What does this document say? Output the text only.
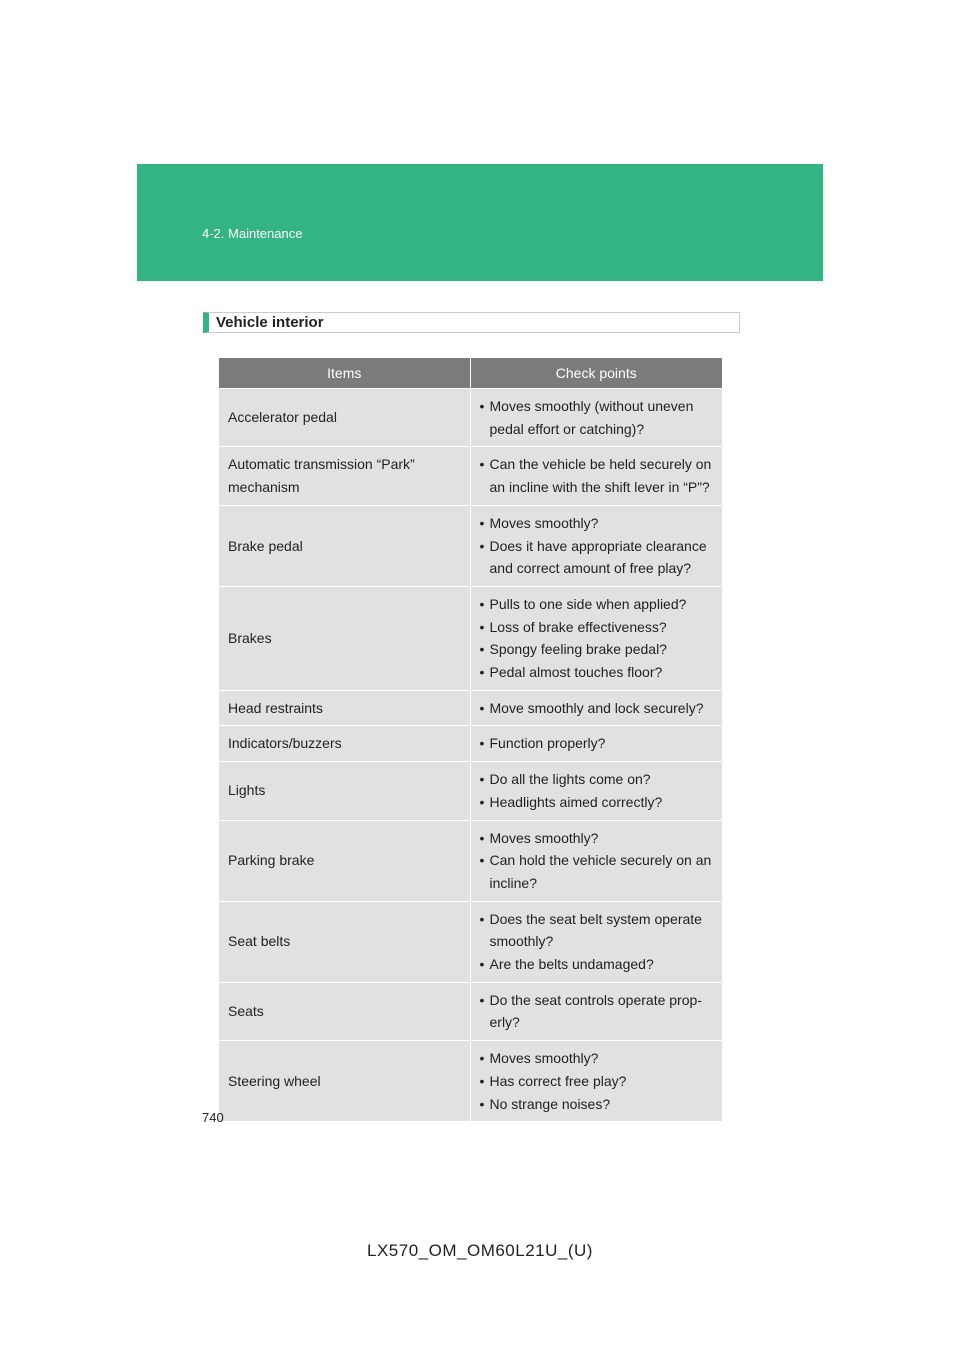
4-2. Maintenance
Vehicle interior
Items	Check points
Accelerator pedal	• Moves smoothly (without uneven pedal effort or catching)?

Automatic transmission “Park” mechanism	• Can the vehicle be held securely on an incline with the shift lever in “P”?

Brake pedal	• Moves smoothly?
• Does it have appropriate clearance and correct amount of free play?

Brakes	• Pulls to one side when applied?
• Loss of brake effectiveness?
• Spongy feeling brake pedal?
• Pedal almost touches floor?

Head restraints	• Move smoothly and lock securely?

Indicators/buzzers	• Function properly?

Lights	• Do all the lights come on?
• Headlights aimed correctly?

Parking brake	• Moves smoothly?
• Can hold the vehicle securely on an incline?

Seat belts	• Does the seat belt system operate smoothly?
• Are the belts undamaged?

Seats	• Do the seat controls operate prop-erly?

Steering wheel	• Moves smoothly?
• Has correct free play?
• No strange noises?
740
LX570_OM_OM60L21U_(U)
